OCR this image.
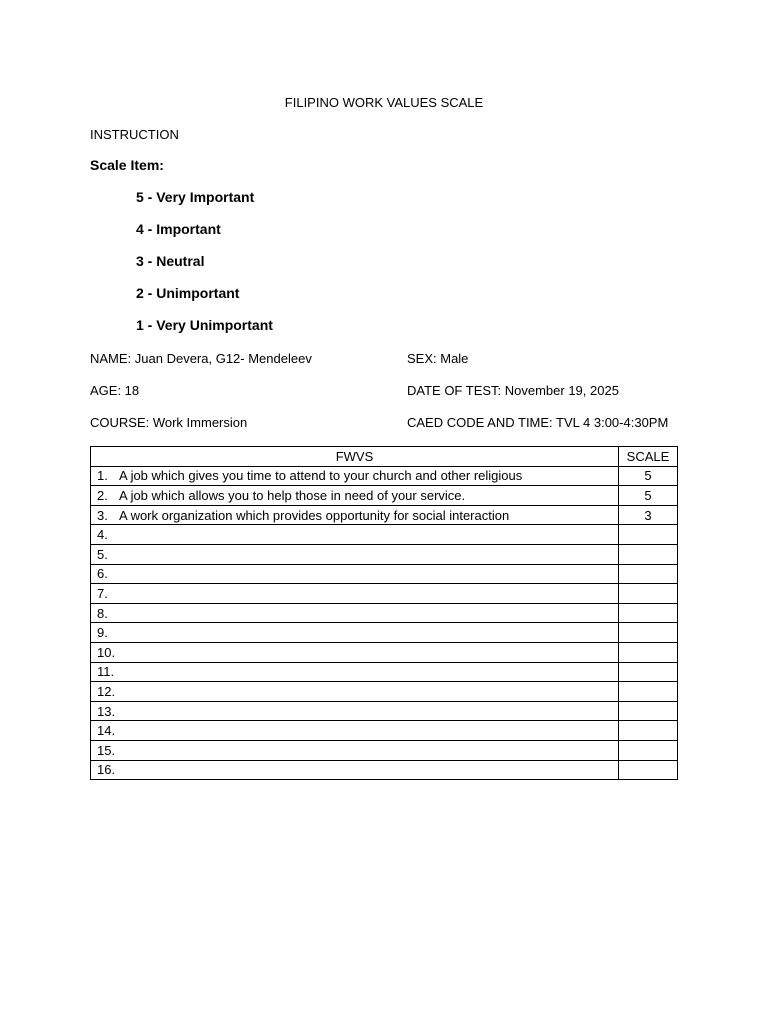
FILIPINO WORK VALUES SCALE
INSTRUCTION
Scale Item:
5 - Very Important
4 - Important
3 - Neutral
2 - Unimportant
1 - Very Unimportant
NAME: Juan Devera, G12- Mendeleev	SEX: Male
AGE: 18	DATE OF TEST: November 19, 2025
COURSE: Work Immersion	CAED CODE AND TIME: TVL 4 3:00-4:30PM
FWVS	SCALE
1. A job which gives you time to attend to your church and other religious	5
2. A job which allows you to help those in need of your service.	5
3. A work organization which provides opportunity for social interaction	3
4.	
5.	
6.	
7.	
8.	
9.	
10.	
11.	
12.	
13.	
14.	
15.	
16.	
